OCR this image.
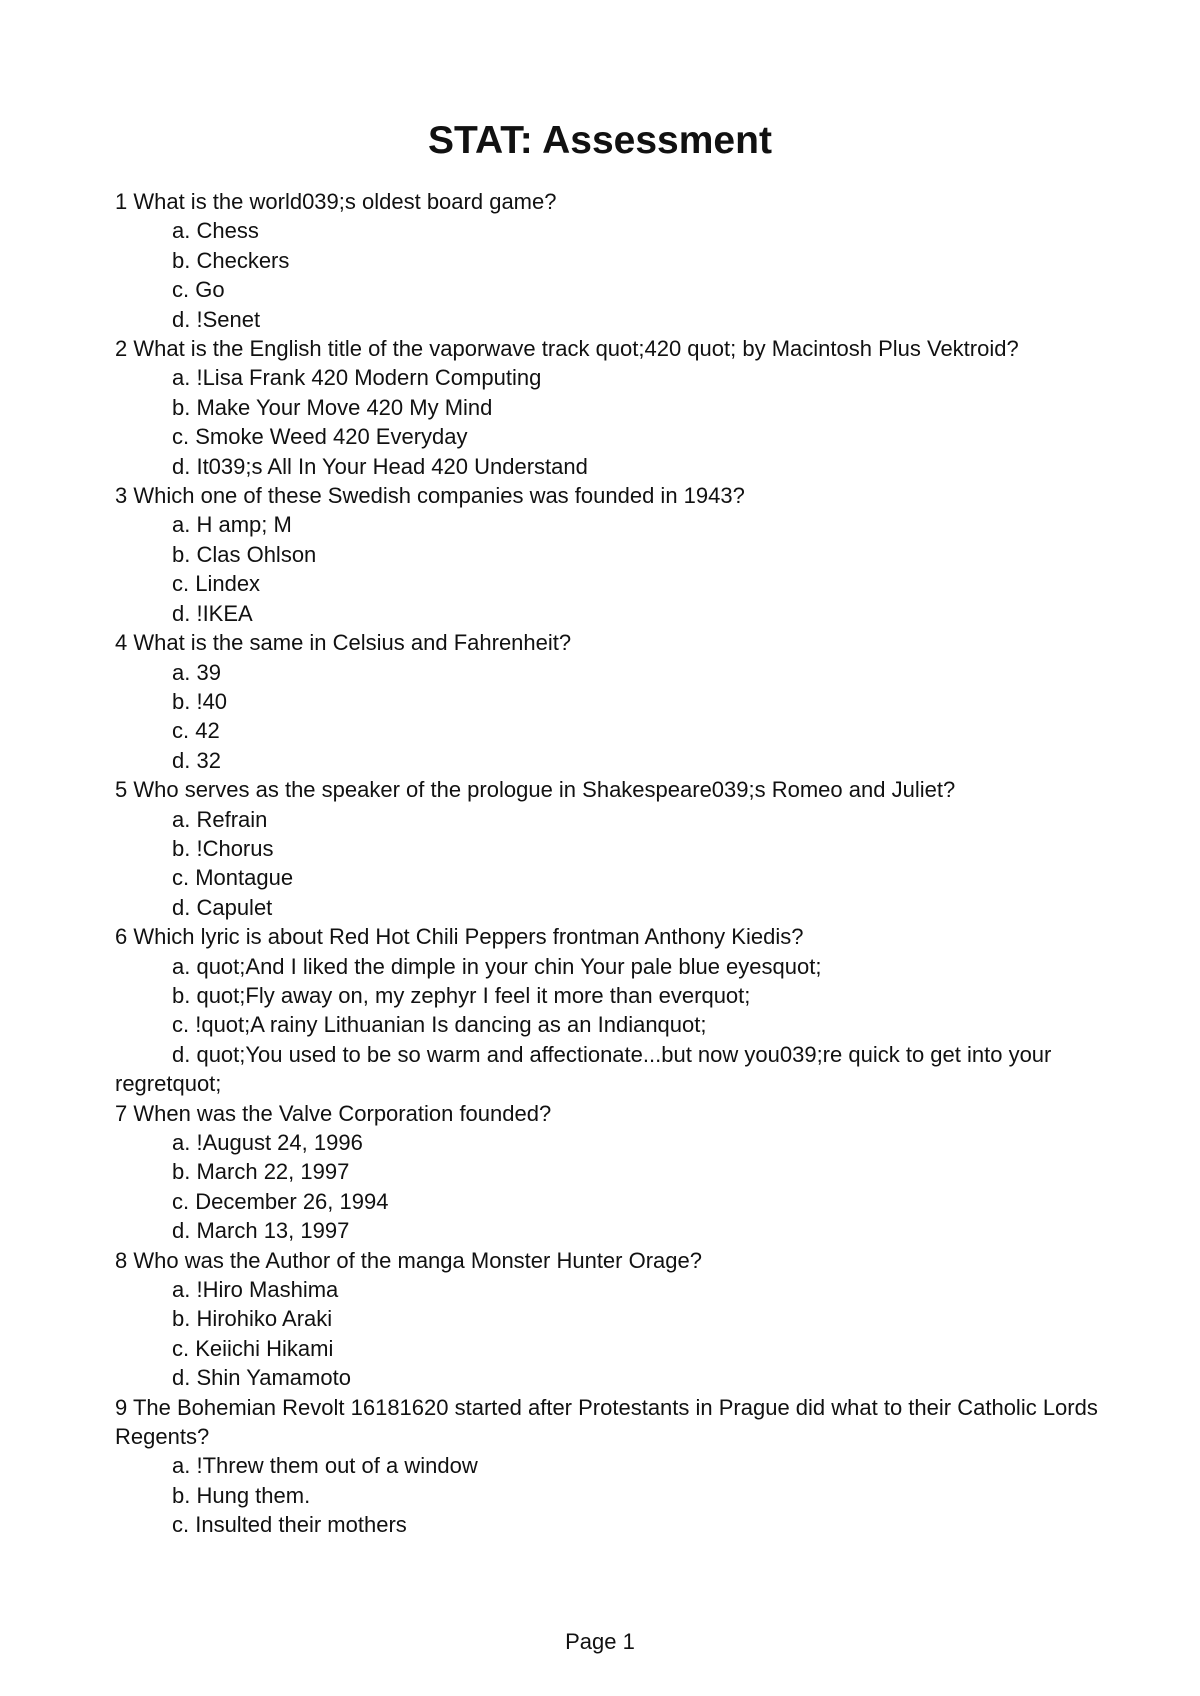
STAT: Assessment
1 What is the world039;s oldest board game?
a. Chess
b. Checkers
c. Go
d. !Senet
2 What is the English title of the vaporwave track quot;420 quot; by Macintosh Plus Vektroid?
a. !Lisa Frank 420 Modern Computing
b. Make Your Move 420 My Mind
c. Smoke Weed 420 Everyday
d. It039;s All In Your Head 420 Understand
3 Which one of these Swedish companies was founded in 1943?
a. H amp; M
b. Clas Ohlson
c. Lindex
d. !IKEA
4 What is the same in Celsius and Fahrenheit?
a. 39
b. !40
c. 42
d. 32
5 Who serves as the speaker of the prologue in Shakespeare039;s Romeo and Juliet?
a. Refrain
b. !Chorus
c. Montague
d. Capulet
6 Which lyric is about Red Hot Chili Peppers frontman Anthony Kiedis?
a. quot;And I liked the dimple in your chin Your pale blue eyesquot;
b. quot;Fly away on, my zephyr I feel it more than everquot;
c. !quot;A rainy Lithuanian Is dancing as an Indianquot;
d. quot;You used to be so warm and affectionate...but now you039;re quick to get into your regretquot;
7 When was the Valve Corporation founded?
a. !August 24, 1996
b. March 22, 1997
c. December 26, 1994
d. March 13, 1997
8 Who was the Author of the manga Monster Hunter Orage?
a. !Hiro Mashima
b. Hirohiko Araki
c. Keiichi Hikami
d. Shin Yamamoto
9 The Bohemian Revolt 16181620 started after Protestants in Prague did what to their Catholic Lords Regents?
a. !Threw them out of a window
b. Hung them.
c. Insulted their mothers
Page 1
